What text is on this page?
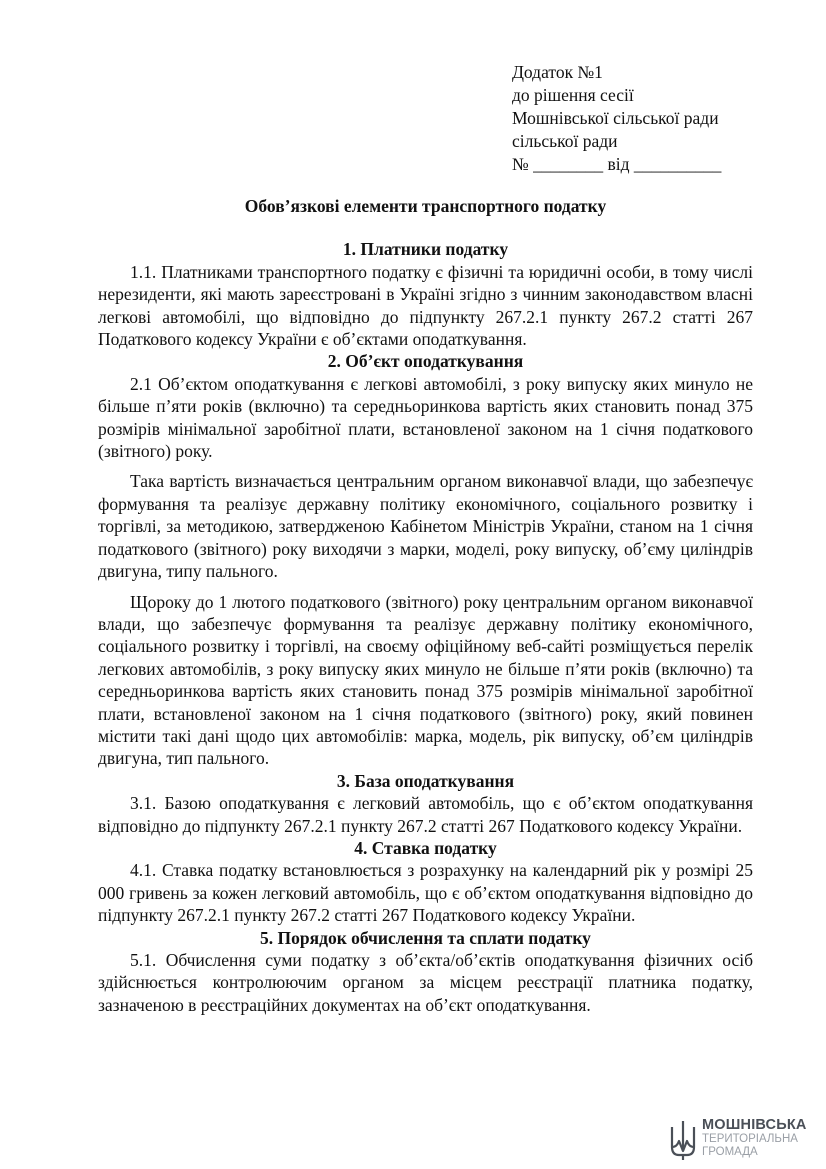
Додаток №1
до рішення сесії
Мошнівської сільської ради
сільської ради
№ ________ від __________
Обов’язкові елементи транспортного податку
1. Платники податку

1.1. Платниками транспортного податку є фізичні та юридичні особи, в тому числі нерезиденти, які мають зареєстровані в Україні згідно з чинним законодавством власні легкові автомобілі, що відповідно до підпункту 267.2.1 пункту 267.2 статті 267 Податкового кодексу України є об’єктами оподаткування.

2. Об’єкт оподаткування

2.1 Об’єктом оподаткування є легкові автомобілі, з року випуску яких минуло не більше п’яти років (включно) та середньоринкова вартість яких становить понад 375 розмірів мінімальної заробітної плати, встановленої законом на 1 січня податкового (звітного) року.

Така вартість визначається центральним органом виконавчої влади, що забезпечує формування та реалізує державну політику економічного, соціального розвитку і торгівлі, за методикою, затвердженою Кабінетом Міністрів України, станом на 1 січня податкового (звітного) року виходячи з марки, моделі, року випуску, об’єму циліндрів двигуна, типу пального.

Щороку до 1 лютого податкового (звітного) року центральним органом виконавчої влади, що забезпечує формування та реалізує державну політику економічного, соціального розвитку і торгівлі, на своєму офіційному веб-сайті розміщується перелік легкових автомобілів, з року випуску яких минуло не більше п’яти років (включно) та середньоринкова вартість яких становить понад 375 розмірів мінімальної заробітної плати, встановленої законом на 1 січня податкового (звітного) року, який повинен містити такі дані щодо цих автомобілів: марка, модель, рік випуску, об’єм циліндрів двигуна, тип пального.

3. База оподаткування

3.1. Базою оподаткування є легковий автомобіль, що є об’єктом оподаткування відповідно до підпункту 267.2.1 пункту 267.2 статті 267 Податкового кодексу України.

4. Ставка податку

4.1. Ставка податку встановлюється з розрахунку на календарний рік у розмірі 25 000 гривень за кожен легковий автомобіль, що є об’єктом оподаткування відповідно до підпункту 267.2.1 пункту 267.2 статті 267 Податкового кодексу України.

5. Порядок обчислення та сплати податку

5.1. Обчислення суми податку з об’єкта/об’єктів оподаткування фізичних осіб здійснюється контролюючим органом за місцем реєстрації платника податку, зазначеною в реєстраційних документах на об’єкт оподаткування.

МОШНІВСЬКА
ТЕРИТОРІАЛЬНА
ГРОМАДА
